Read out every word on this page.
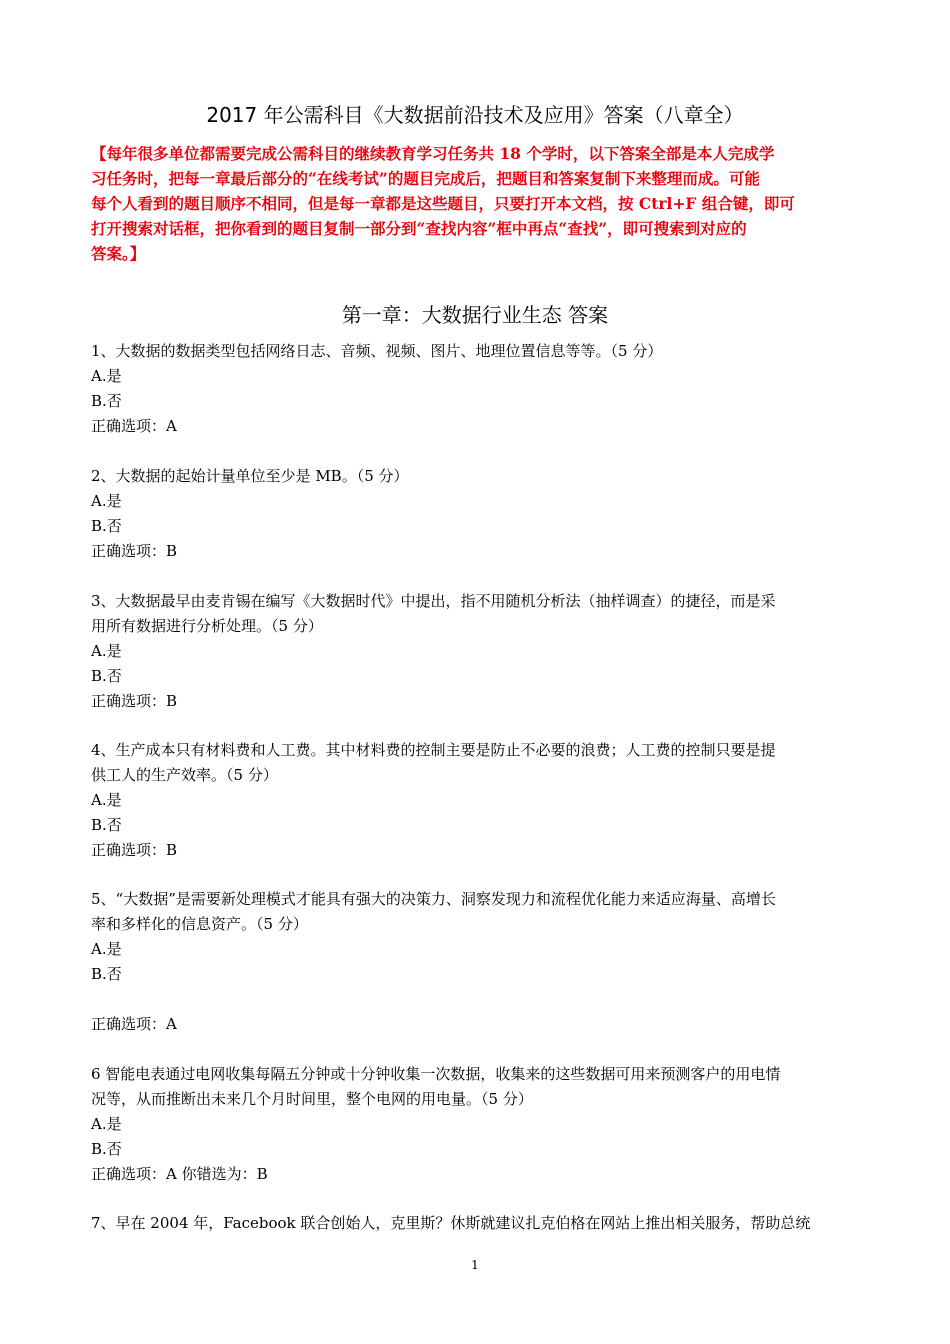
2017 年公需科目《大数据前沿技术及应用》答案（八章全）
【每年很多单位都需要完成公需科目的继续教育学习任务共 18 个学时，以下答案全部是本人完成学
习任务时，把每一章最后部分的“在线考试”的题目完成后，把题目和答案复制下来整理而成。可能
每个人看到的题目顺序不相同，但是每一章都是这些题目，只要打开本文档，按 Ctrl+F 组合键，即可
打开搜索对话框，把你看到的题目复制一部分到“查找内容”框中再点“查找”，即可搜索到对应的
答案。】
第一章：大数据行业生态 答案
1、大数据的数据类型包括网络日志、音频、视频、图片、地理位置信息等等。（5 分）
A.是
B.否
正确选项：A
2、大数据的起始计量单位至少是 MB。（5 分）
A.是
B.否
正确选项：B
3、大数据最早由麦肯锡在编写《大数据时代》中提出，指不用随机分析法（抽样调查）的捷径，而是采
用所有数据进行分析处理。（5 分）
A.是
B.否
正确选项：B
4、生产成本只有材料费和人工费。其中材料费的控制主要是防止不必要的浪费；人工费的控制只要是提
供工人的生产效率。（5 分）
A.是
B.否
正确选项：B
5、“大数据”是需要新处理模式才能具有强大的决策力、洞察发现力和流程优化能力来适应海量、高增长
率和多样化的信息资产。（5 分）
A.是
B.否
正确选项：A
6 智能电表通过电网收集每隔五分钟或十分钟收集一次数据，收集来的这些数据可用来预测客户的用电情
况等，从而推断出未来几个月时间里，整个电网的用电量。（5 分）
A.是
B.否
正确选项：A 你错选为：B
7、早在 2004 年，Facebook 联合创始人，克里斯？休斯就建议扎克伯格在网站上推出相关服务，帮助总统
1
